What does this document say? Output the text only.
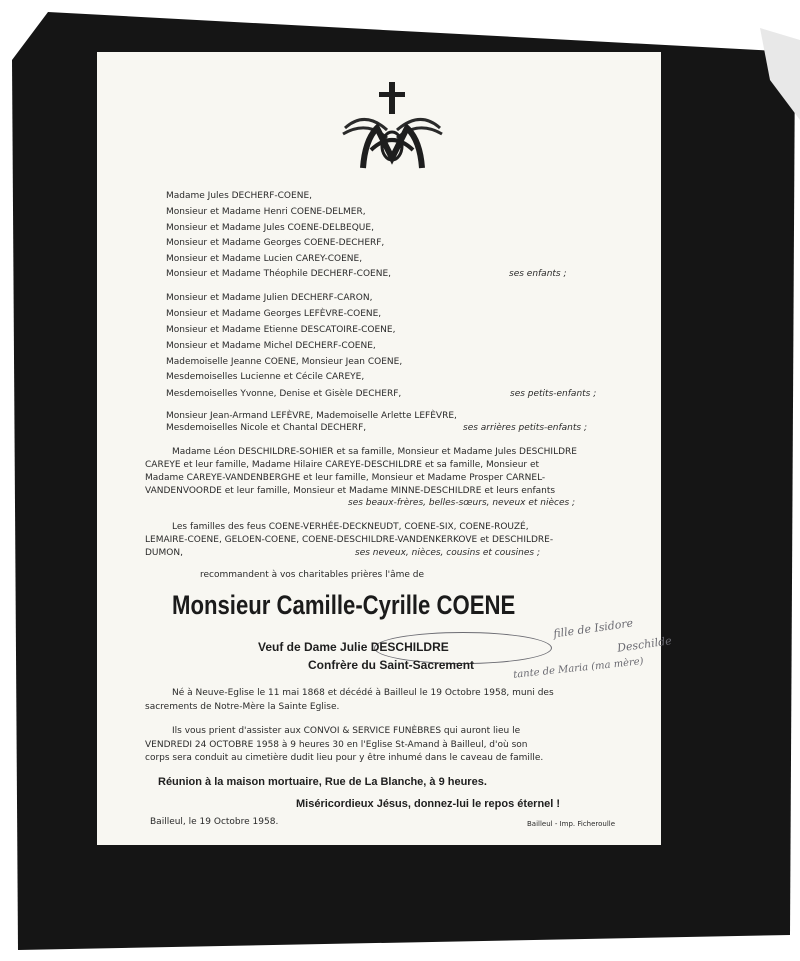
Madame Jules DECHERF-COENE,

Monsieur et Madame Henri COENE-DELMER,

Monsieur et Madame Jules COENE-DELBEQUE,

Monsieur et Madame Georges COENE-DECHERF,

Monsieur et Madame Lucien CAREY-COENE,

Monsieur et Madame Théophile DECHERF-COENE,	ses enfants ;

Monsieur et Madame Julien DECHERF-CARON,

Monsieur et Madame Georges LEFÈVRE-COENE,

Monsieur et Madame Etienne DESCATOIRE-COENE,

Monsieur et Madame Michel DECHERF-COENE,

Mademoiselle Jeanne COENE, Monsieur Jean COENE,

Mesdemoiselles Lucienne et Cécile CAREYE,

Mesdemoiselles Yvonne, Denise et Gisèle DECHERF,	ses petits-enfants ;

Monsieur Jean-Armand LEFÈVRE, Mademoiselle Arlette LEFÈVRE,

Mesdemoiselles Nicole et Chantal DECHERF,	ses arrières petits-enfants ;

Madame Léon DESCHILDRE-SOHIER et sa famille, Monsieur et Madame Jules DESCHILDRE

CAREYE et leur famille, Madame Hilaire CAREYE-DESCHILDRE et sa famille, Monsieur et

Madame CAREYE-VANDENBERGHE et leur famille, Monsieur et Madame Prosper CARNEL-

VANDENVOORDE et leur famille, Monsieur et Madame MINNE-DESCHILDRE et leurs enfants

ses beaux-frères, belles-sœurs, neveux et nièces ;

Les familles des feus COENE-VERHÉE-DECKNEUDT, COENE-SIX, COENE-ROUZÉ,

LEMAIRE-COENE, GELOEN-COENE, COENE-DESCHILDRE-VANDENKERKOVE et DESCHILDRE-

DUMON,	ses neveux, nièces, cousins et cousines ;

recommandent à vos charitables prières l'âme de

Monsieur Camille-Cyrille COENE

Veuf de Dame Julie DESCHILDRE

Confrère du Saint-Sacrement

fille de Isidore

Deschilde

tante de Maria (ma mère)

Né à Neuve-Eglise le 11 mai 1868 et décédé à Bailleul le 19 Octobre 1958, muni des

sacrements de Notre-Mère la Sainte Eglise.

Ils vous prient d'assister aux CONVOI & SERVICE FUNÈBRES qui auront lieu le

VENDREDI 24 OCTOBRE 1958 à 9 heures 30 en l'Eglise St-Amand à Bailleul, d'où son

corps sera conduit au cimetière dudit lieu pour y être inhumé dans le caveau de famille.

Réunion à la maison mortuaire, Rue de La Blanche, à 9 heures.

Miséricordieux Jésus, donnez-lui le repos éternel !

Bailleul, le 19 Octobre 1958.	Bailleul - Imp. Ficheroulle
